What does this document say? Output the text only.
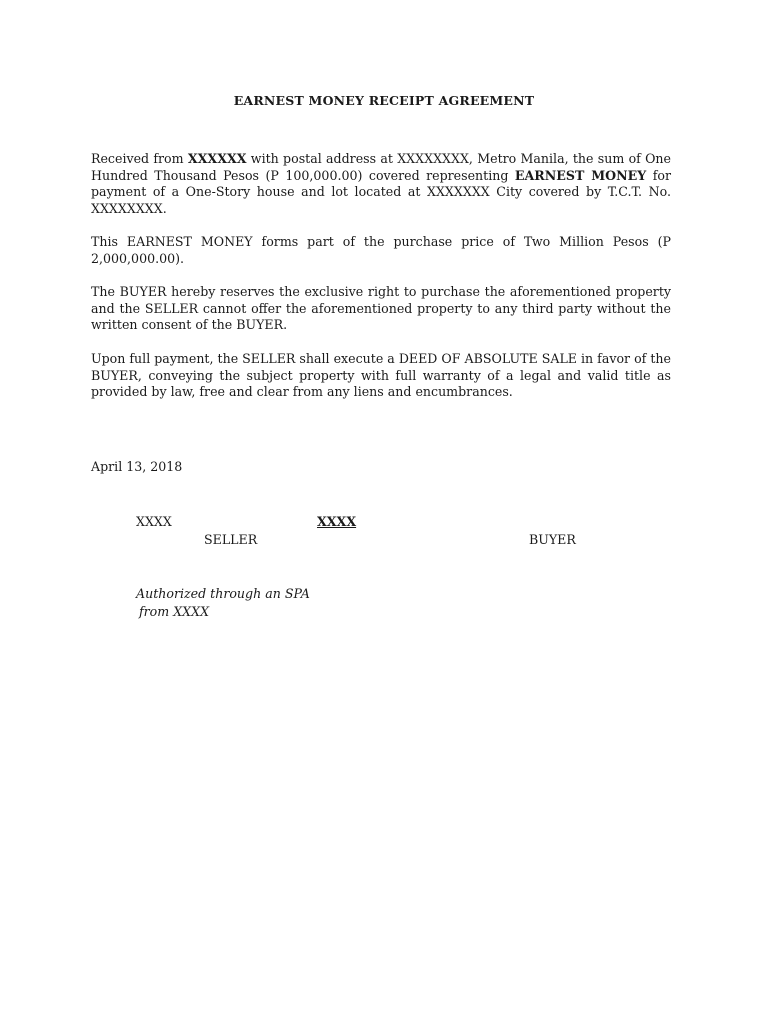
EARNEST MONEY RECEIPT AGREEMENT
Received from XXXXXX with postal address at XXXXXXXX, Metro Manila, the sum of One Hundred Thousand Pesos (P 100,000.00) covered representing EARNEST MONEY for payment of a One-Story house and lot located at XXXXXXX City covered by T.C.T. No. XXXXXXXX.
This EARNEST MONEY forms part of the purchase price of Two Million Pesos (P 2,000,000.00).
The BUYER hereby reserves the exclusive right to purchase the aforementioned property and the SELLER cannot offer the aforementioned property to any third party without the written consent of the BUYER.
Upon full payment, the SELLER shall execute a DEED OF ABSOLUTE SALE in favor of the BUYER, conveying the subject property with full warranty of a legal and valid title as provided by law, free and clear from any liens and encumbrances.
April 13, 2018
XXXX	XXXX
SELLER	BUYER
Authorized through an SPA
from XXXX
